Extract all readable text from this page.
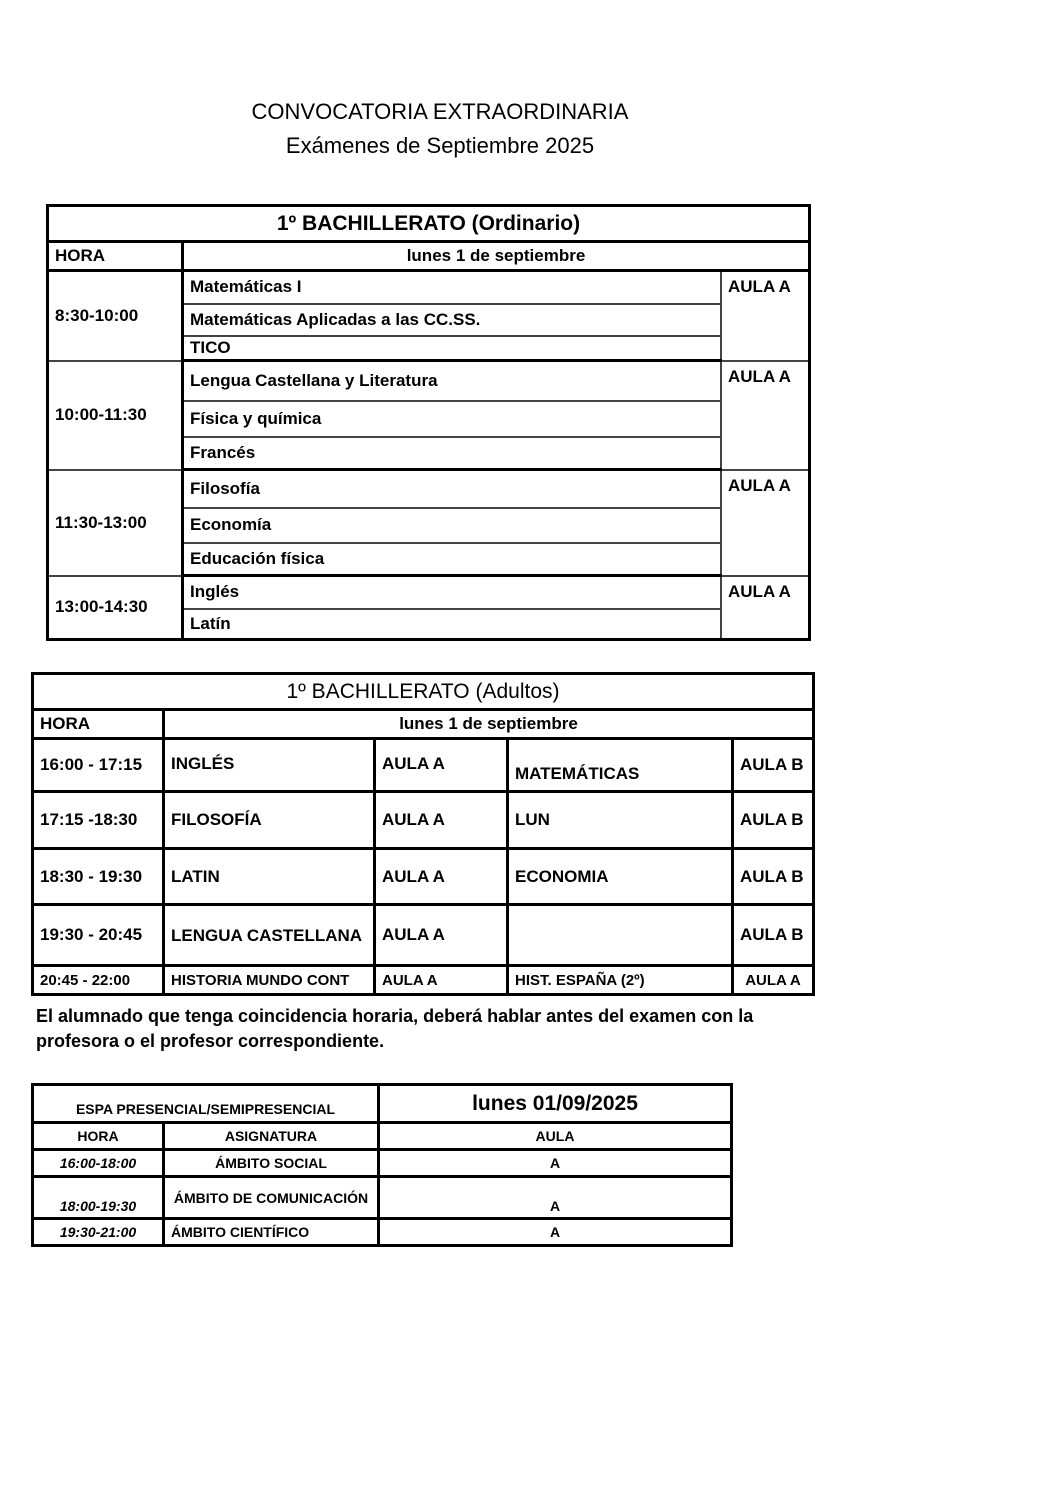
CONVOCATORIA EXTRAORDINARIA
Exámenes de Septiembre 2025
1º BACHILLERATO (Ordinario)		
HORA	lunes 1 de septiembre	
8:30-10:00	Matemáticas I	AULA A
	Matemáticas Aplicadas a las CC.SS.	
	TICO	
10:00-11:30	Lengua Castellana y Literatura	AULA A
	Física y química	
	Francés	
11:30-13:00	Filosofía	AULA A
	Economía	
	Educación física	
13:00-14:30	Inglés	AULA A
	Latín	
1º BACHILLERATO (Adultos)				
HORA	lunes 1 de septiembre			
16:00 - 17:15	INGLÉS	AULA A	MATEMÁTICAS	AULA B
17:15 -18:30	FILOSOFÍA	AULA A	LUN	AULA B
18:30 - 19:30	LATIN	AULA A	ECONOMIA	AULA B
19:30 - 20:45	LENGUA CASTELLANA	AULA A		AULA B
20:45 - 22:00	HISTORIA MUNDO CONT	AULA A	HIST. ESPAÑA (2º)	AULA A
El alumnado que tenga coincidencia horaria, deberá hablar antes del examen con la profesora o el profesor correspondiente.
ESPA PRESENCIAL/SEMIPRESENCIAL		lunes 01/09/2025
HORA	ASIGNATURA	AULA
16:00-18:00	ÁMBITO SOCIAL	A
18:00-19:30	ÁMBITO DE COMUNICACIÓN	A
19:30-21:00	ÁMBITO CIENTÍFICO	A
